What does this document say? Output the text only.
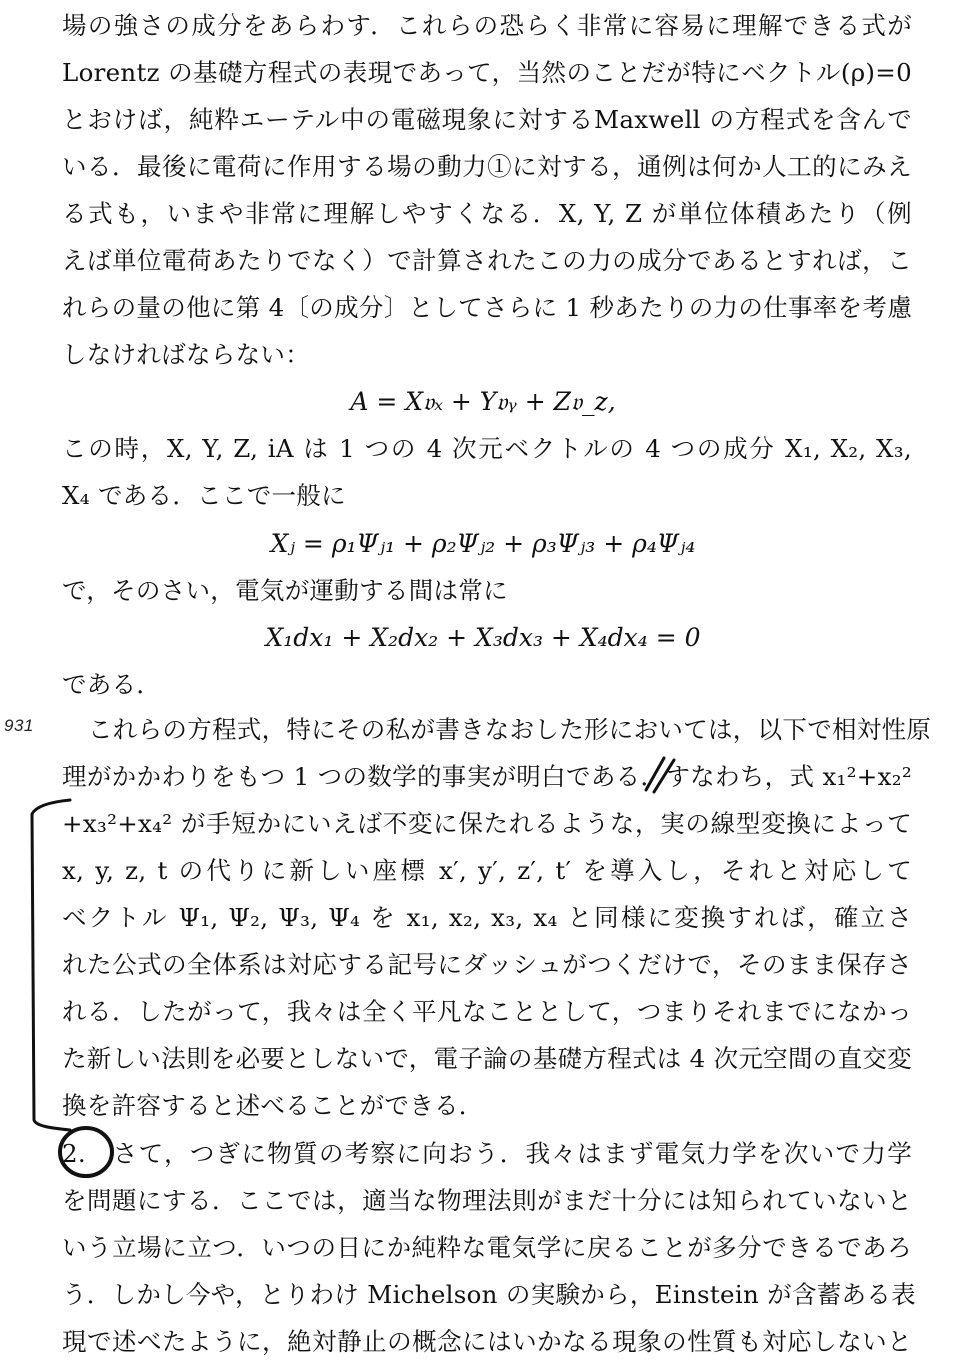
場の強さの成分をあらわす．これらの恐らく非常に容易に理解できる式が
Lorentz の基礎方程式の表現であって，当然のことだが特にベクトル(ρ)=0
とおけば，純粋エーテル中の電磁現象に対するMaxwell の方程式を含んで
いる．最後に電荷に作用する場の動力①に対する，通例は何か人工的にみえ
る式も，いまや非常に理解しやすくなる．X, Y, Z が単位体積あたり（例
えば単位電荷あたりでなく）で計算されたこの力の成分であるとすれば，こ
れらの量の他に第 4〔の成分〕としてさらに 1 秒あたりの力の仕事率を考慮
しなければならない：
A = X𝔳ₓ + Y𝔳ᵧ + Z𝔳_z,
この時，X, Y, Z, iA は 1 つの 4 次元ベクトルの 4 つの成分 X₁, X₂, X₃,
X₄ である．ここで一般に
Xⱼ = ρ₁Ψⱼ₁ + ρ₂Ψⱼ₂ + ρ₃Ψⱼ₃ + ρ₄Ψⱼ₄
で，そのさい，電気が運動する間は常に
X₁dx₁ + X₂dx₂ + X₃dx₃ + X₄dx₄ = 0
である．
931 これらの方程式，特にその私が書きなおした形においては，以下で相対性原
理がかかわりをもつ 1 つの数学的事実が明白である．すなわち，式 x₁²+x₂²
+x₃²+x₄² が手短かにいえば不変に保たれるような，実の線型変換によって
x, y, z, t の代りに新しい座標 x′, y′, z′, t′ を導入し，それと対応して
ベクトル Ψ₁, Ψ₂, Ψ₃, Ψ₄ を x₁, x₂, x₃, x₄ と同様に変換すれば，確立さ
れた公式の全体系は対応する記号にダッシュがつくだけで，そのまま保存さ
れる．したがって，我々は全く平凡なこととして，つまりそれまでになかっ
た新しい法則を必要としないで，電子論の基礎方程式は 4 次元空間の直交変
換を許容すると述べることができる．
2.　さて，つぎに物質の考察に向おう．我々はまず電気力学を次いで力学
を問題にする．ここでは，適当な物理法則がまだ十分には知られていないと
いう立場に立つ．いつの日にか純粋な電気学に戻ることが多分できるであろ
う．しかし今や，とりわけ Michelson の実験から，Einstein が含蓄ある表
現で述べたように，絶対静止の概念にはいかなる現象の性質も対応しないと
